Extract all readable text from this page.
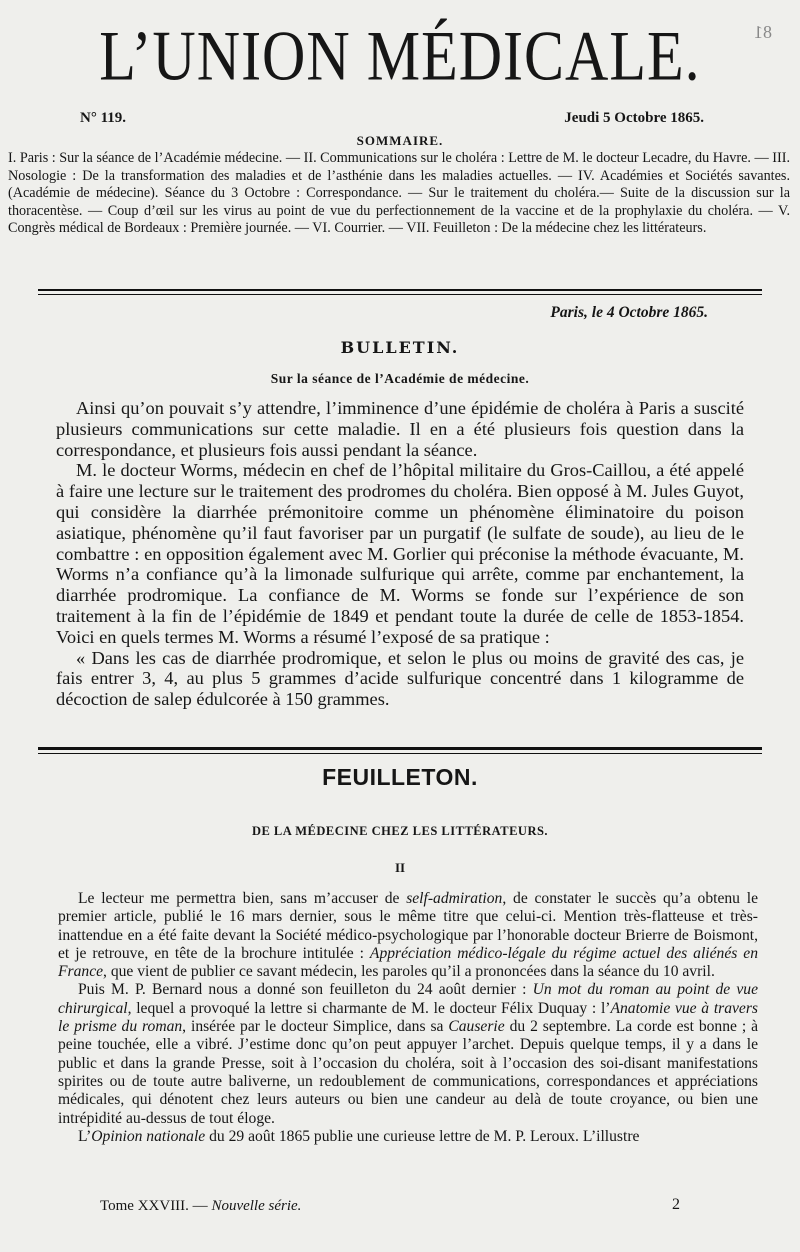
81
L’UNION MÉDICALE.
N° 119.	Jeudi 5 Octobre 1865.
SOMMAIRE.

I. Paris : Sur la séance de l’Académie médecine. — II. Communications sur le choléra : Lettre de M. le docteur Lecadre, du Havre. — III. Nosologie : De la transformation des maladies et de l’asthénie dans les maladies actuelles. — IV. Académies et Sociétés savantes. (Académie de médecine). Séance du 3 Octobre : Correspondance. — Sur le traitement du choléra.— Suite de la discussion sur la thoracentèse. — Coup d’œil sur les virus au point de vue du perfectionnement de la vaccine et de la prophylaxie du choléra. — V. Congrès médical de Bordeaux : Première journée. — VI. Courrier. — VII. Feuilleton : De la médecine chez les littérateurs.

Paris, le 4 Octobre 1865.
BULLETIN.
Sur la séance de l’Académie de médecine.

Ainsi qu’on pouvait s’y attendre, l’imminence d’une épidémie de choléra à Paris a suscité plusieurs communications sur cette maladie. Il en a été plusieurs fois question dans la correspondance, et plusieurs fois aussi pendant la séance.

M. le docteur Worms, médecin en chef de l’hôpital militaire du Gros-Caillou, a été appelé à faire une lecture sur le traitement des prodromes du choléra. Bien opposé à M. Jules Guyot, qui considère la diarrhée prémonitoire comme un phénomène éliminatoire du poison asiatique, phénomène qu’il faut favoriser par un purgatif (le sulfate de soude), au lieu de le combattre : en opposition également avec M. Gorlier qui préconise la méthode évacuante, M. Worms n’a confiance qu’à la limonade sulfurique qui arrête, comme par enchantement, la diarrhée prodromique. La confiance de M. Worms se fonde sur l’expérience de son traitement à la fin de l’épidémie de 1849 et pendant toute la durée de celle de 1853-1854. Voici en quels termes M. Worms a résumé l’exposé de sa pratique :

« Dans les cas de diarrhée prodromique, et selon le plus ou moins de gravité des cas, je fais entrer 3, 4, au plus 5 grammes d’acide sulfurique concentré dans 1 kilogramme de décoction de salep édulcorée à 150 grammes.

FEUILLETON.
DE LA MÉDECINE CHEZ LES LITTÉRATEURS.
II

Le lecteur me permettra bien, sans m’accuser de self-admiration, de constater le succès qu’a obtenu le premier article, publié le 16 mars dernier, sous le même titre que celui-ci. Mention très-flatteuse et très-inattendue en a été faite devant la Société médico-psychologique par l’honorable docteur Brierre de Boismont, et je retrouve, en tête de la brochure intitulée : Appréciation médico-légale du régime actuel des aliénés en France, que vient de publier ce savant médecin, les paroles qu’il a prononcées dans la séance du 10 avril.

Puis M. P. Bernard nous a donné son feuilleton du 24 août dernier : Un mot du roman au point de vue chirurgical, lequel a provoqué la lettre si charmante de M. le docteur Félix Duquay : l’Anatomie vue à travers le prisme du roman, insérée par le docteur Simplice, dans sa Causerie du 2 septembre. La corde est bonne ; à peine touchée, elle a vibré. J’estime donc qu’on peut appuyer l’archet. Depuis quelque temps, il y a dans le public et dans la grande Presse, soit à l’occasion du choléra, soit à l’occasion des soi-disant manifestations spirites ou de toute autre baliverne, un redoublement de communications, correspondances et appréciations médicales, qui dénotent chez leurs auteurs ou bien une candeur au delà de toute croyance, ou bien une intrépidité au-dessus de tout éloge.

L’Opinion nationale du 29 août 1865 publie une curieuse lettre de M. P. Leroux. L’illustre

Tome XXVIII. — Nouvelle série.	2
